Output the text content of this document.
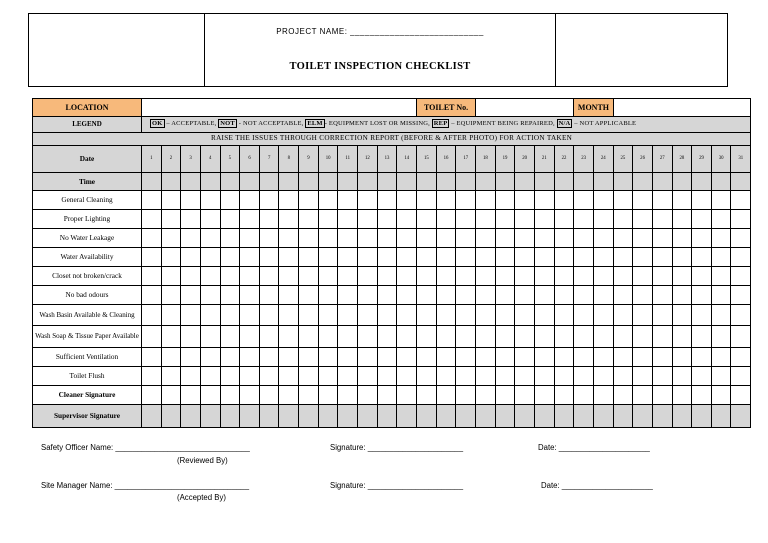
PROJECT NAME: ___________________________
TOILET INSPECTION CHECKLIST
LOCATION															TOILET No.								MONTH								
LEGEND	OK – ACCEPTABLE, NOT - NOT ACCEPTABLE, ELM - EQUIPMENT LOST OR MISSING, REP – EQUIPMENT BEING REPAIRED, N/A – NOT APPLICABLE																														
RAISE THE ISSUES THROUGH CORRECTION REPORT (BEFORE & AFTER PHOTO) FOR ACTION TAKEN																															
Date	1	2	3	4	5	6	7	8	9	10	11	12	13	14	15	16	17	18	19	20	21	22	23	24	25	26	27	28	29	30	31
Time																															
General Cleaning																															
Proper Lighting																															
No Water Leakage																															
Water Availability																															
Closet not broken/crack																															
No bad odours																															
Wash Basin Available & Cleaning																															
Wash Soap & Tissue Paper Available																															
Sufficient Ventilation																															
Toilet Flush																															
Cleaner Signature																															
Supervisor Signature																															
Safety Officer Name: _______________________________
(Reviewed By)
Signature: ______________________	Date: _____________________
Site Manager Name: _______________________________
(Accepted By)
Signature: ______________________	Date: _____________________
